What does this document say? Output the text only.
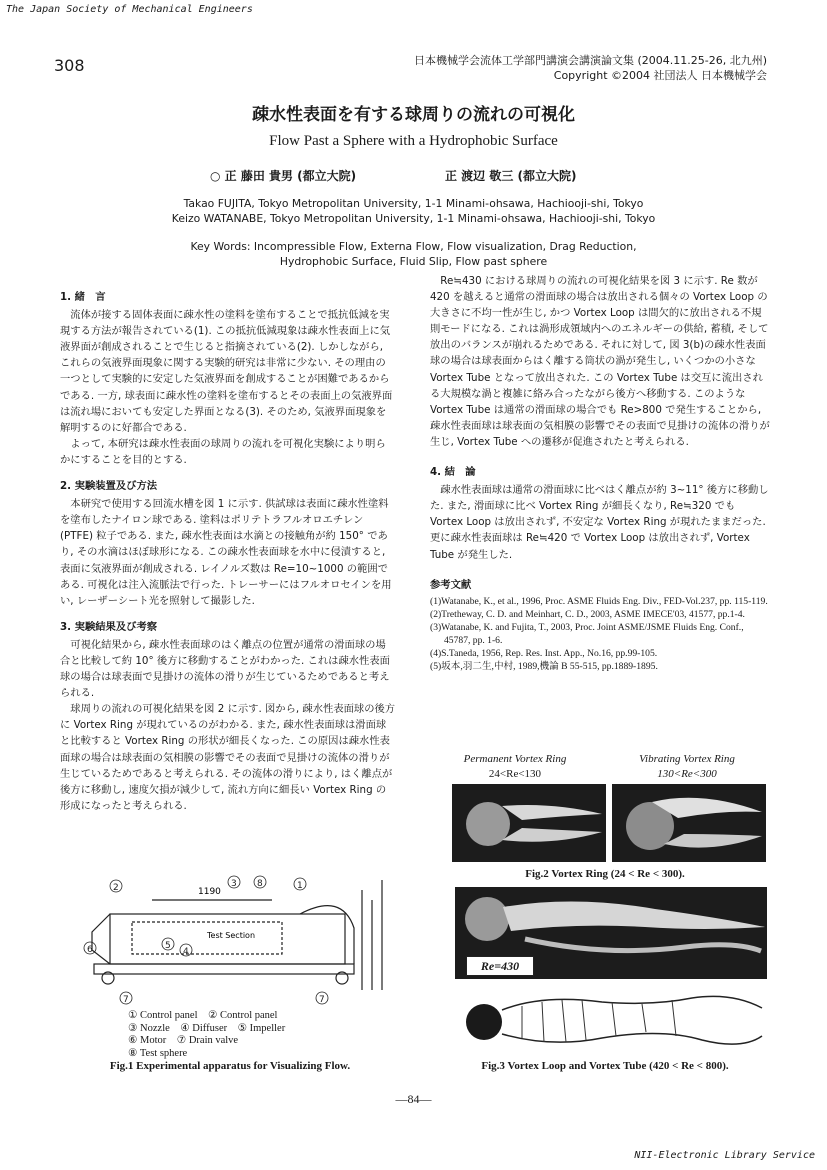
The Japan Society of Mechanical Engineers
308	日本機械学会流体工学部門講演会講演論文集 (2004.11.25-26, 北九州)
Copyright ©2004 社団法人 日本機械学会
疎水性表面を有する球周りの流れの可視化
Flow Past a Sphere with a Hydrophobic Surface
○ 正 藤田 貴男 (都立大院)	正 渡辺 敬三 (都立大院)
Takao FUJITA, Tokyo Metropolitan University, 1-1 Minami-ohsawa, Hachiooji-shi, Tokyo
Keizo WATANABE, Tokyo Metropolitan University, 1-1 Minami-ohsawa, Hachiooji-shi, Tokyo
Key Words: Incompressible Flow, Externa Flow, Flow visualization, Drag Reduction,
Hydrophobic Surface, Fluid Slip, Flow past sphere

1. 緒　言

流体が接する固体表面に疎水性の塗料を塗布することで抵抗低減を実現する方法が報告されている(1). この抵抗低減現象は疎水性表面上に気液界面が創成されることで生じると指摘されている(2). しかしながら, これらの気液界面現象に関する実験的研究は非常に少ない. その理由の一つとして実験的に安定した気液界面を創成することが困難であるからである. 一方, 球表面に疎水性の塗料を塗布するとその表面上の気液界面は流れ場においても安定した界面となる(3). そのため, 気液界面現象を解明するのに好都合である.

よって, 本研究は疎水性表面の球周りの流れを可視化実験により明らかにすることを目的とする.

2. 実験装置及び方法

本研究で使用する回流水槽を図 1 に示す. 供試球は表面に疎水性塗料を塗布したナイロン球である. 塗料はポリテトラフルオロエチレン (PTFE) 粒子である. また, 疎水性表面は水滴との接触角が約 150° であり, その水滴はほぼ球形になる. この疎水性表面球を水中に侵漬すると, 表面に気液界面が創成される. レイノルズ数は Re=10~1000 の範囲である. 可視化は注入流脈法で行った. トレーサーにはフルオロセインを用い, レーザーシート光を照射して撮影した.

3. 実験結果及び考察

可視化結果から, 疎水性表面球のはく離点の位置が通常の滑面球の場合と比較して約 10° 後方に移動することがわかった. これは疎水性表面球の場合は球表面で見掛けの流体の滑りが生じているためであると考えられる.

球周りの流れの可視化結果を図 2 に示す. 図から, 疎水性表面球の後方に Vortex Ring が現れているのがわかる. また, 疎水性表面球は滑面球と比較すると Vortex Ring の形状が細長くなった. この原因は疎水性表面球の場合は球表面の気相膜の影響でその表面で見掛けの流体の滑りが生じているためであると考えられる. その流体の滑りにより, はく離点が後方に移動し, 速度欠損が減少して, 流れ方向に細長い Vortex Ring の形成になったと考えられる.

Re≒430 における球周りの流れの可視化結果を図 3 に示す. Re 数が 420 を越えると通常の滑面球の場合は放出される個々の Vortex Loop の大きさに不均一性が生じ, かつ Vortex Loop は間欠的に放出される不規則モードになる. これは渦形成領域内へのエネルギーの供給, 蓄積, そして放出のバランスが崩れるためである. それに対して, 図 3(b)の疎水性表面球の場合は球表面からはく離する筒状の渦が発生し, いくつかの小さな Vortex Tube となって放出された. この Vortex Tube は交互に流出される大規模な渦と複雑に絡み合ったながら後方へ移動する. このような Vortex Tube は通常の滑面球の場合でも Re>800 で発生することから, 疎水性表面球は球表面の気相膜の影響でその表面で見掛けの流体の滑りが生じ, Vortex Tube への遷移が促進されたと考えられる.

4. 結　論

疎水性表面球は通常の滑面球に比べはく離点が約 3~11° 後方に移動した. また, 滑面球に比べ Vortex Ring が細長くなり, Re≒320 でも Vortex Loop は放出されず, 不安定な Vortex Ring が現れたままだった. 更に疎水性表面球は Re≒420 で Vortex Loop は放出されず, Vortex Tube が発生した.

参考文献

(1)Watanabe, K., et al., 1996, Proc. ASME Fluids Eng. Div., FED-Vol.237, pp. 115-119.

(2)Tretheway, C. D. and Meinhart, C. D., 2003, ASME IMECE'03, 41577, pp.1-4.

(3)Watanabe, K. and Fujita, T., 2003, Proc. Joint ASME/JSME Fluids Eng. Conf., 45787, pp. 1-6.

(4)S.Taneda, 1956, Rep. Res. Inst. App., No.16, pp.99-105.

(5)坂本,羽二生,中村, 1989,機論 B 55-515, pp.1889-1895.

1190
Test Section
2	3 8	1
5
4
6
7	7
① Control panel　② Control panel
③ Nozzle　④ Diffuser　⑤ Impeller
⑥ Motor　⑦ Drain valve
⑧ Test sphere
Fig.1 Experimental apparatus for Visualizing Flow.
Permanent Vortex Ring
24<Re<130
Vibrating Vortex Ring
130<Re<300
Fig.2 Vortex Ring (24 < Re < 300).
Re=430
Fig.3 Vortex Loop and Vortex Tube (420 < Re < 800).
—84—
NII-Electronic Library Service
